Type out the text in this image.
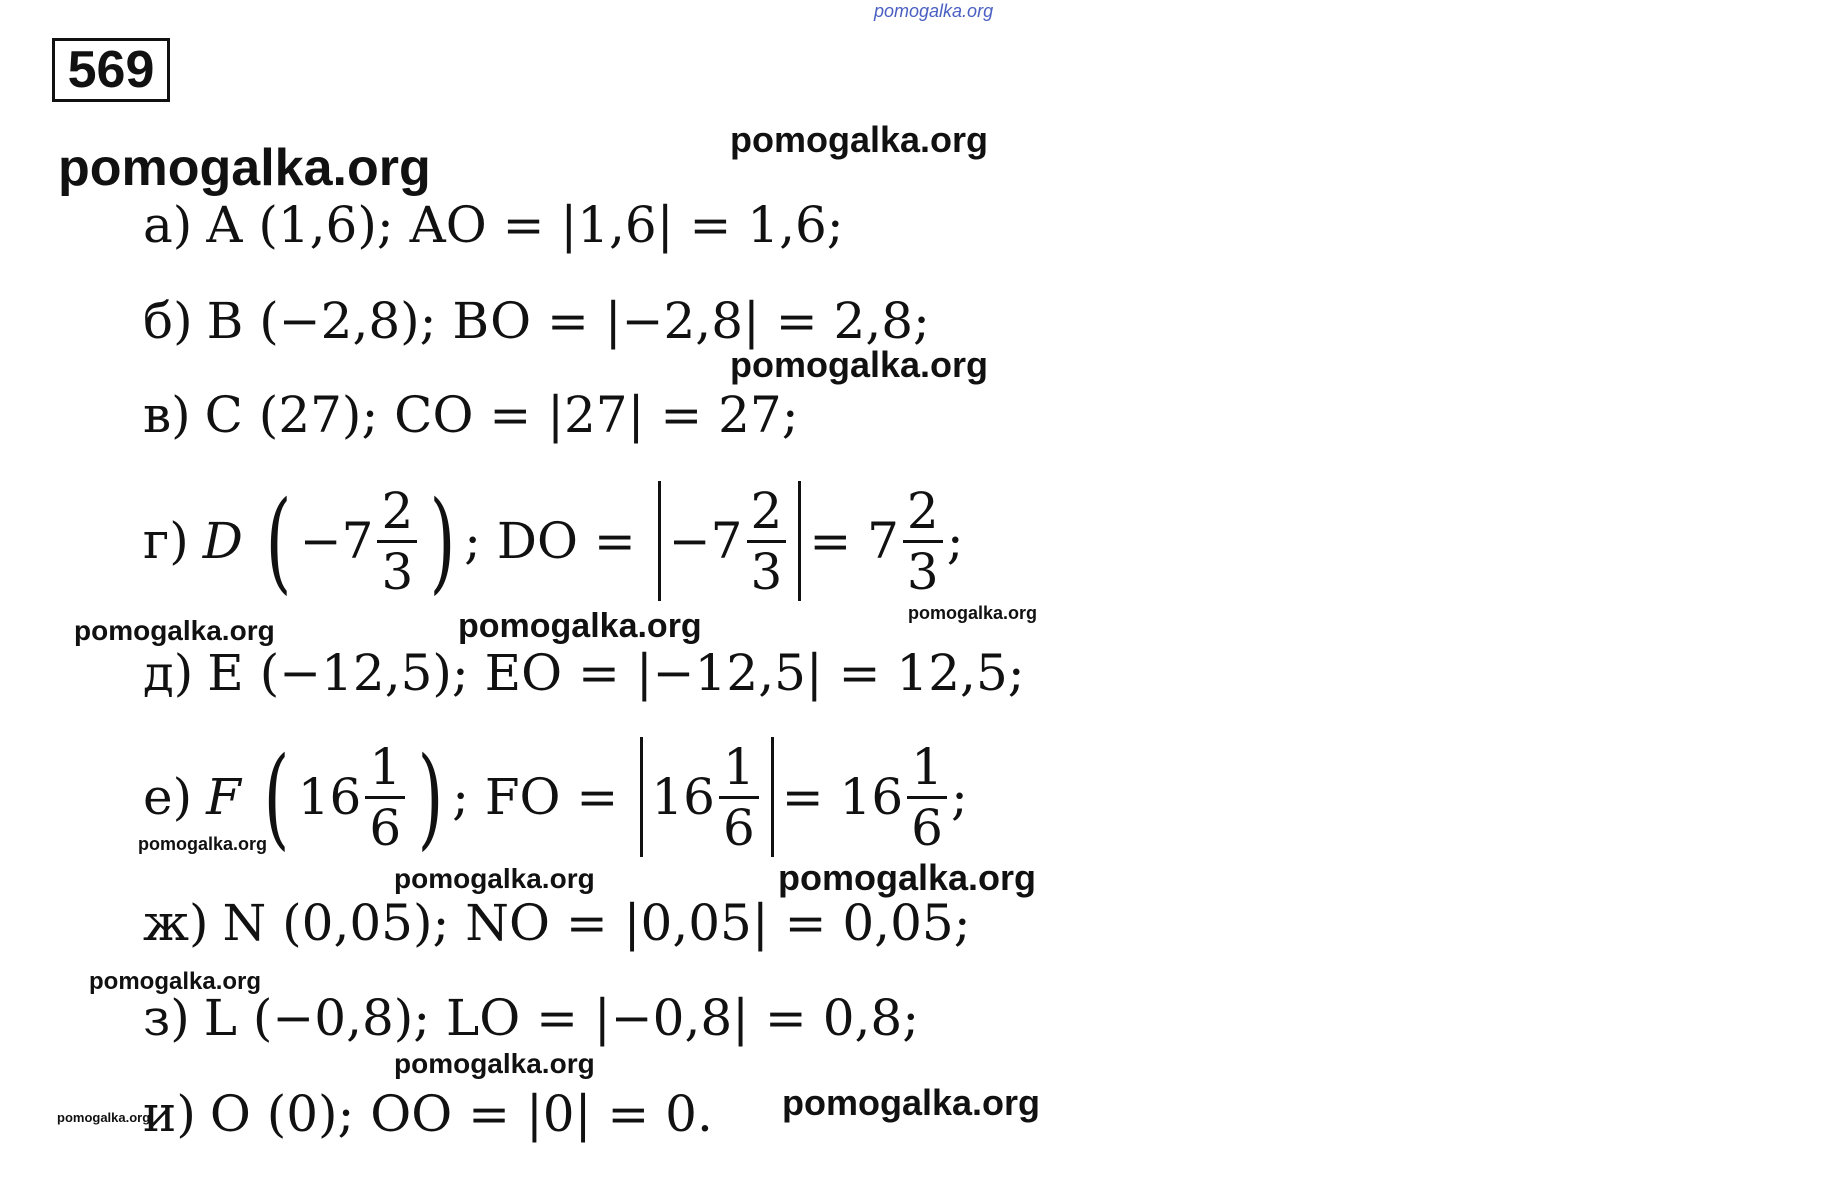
pomogalka.org
pomogalka.org	pomogalka.org
pomogalka.org
pomogalka.org	pomogalka.org	pomogalka.org
pomogalka.org
pomogalka.org	pomogalka.org
pomogalka.org
pomogalka.org
pomogalka.org	pomogalka.org
569
а) A (1,6); AO = |1,6| = 1,6;
б) B (−2,8); BO = |−2,8| = 2,8;
в) C (27); CO = |27| = 27;
г) D ( $-7 \frac{2}{3}$ ) ; DO = $-7 \frac{2}{3} = 7 \frac{2}{3}$ ;
д) E (−12,5); EO = |−12,5| = 12,5;
е) F ( $16 \frac{1}{6}$ ) ; FO = $16 \frac{1}{6} = 16 \frac{1}{6}$ ;
ж) N (0,05); NO = |0,05| = 0,05;
з) L (−0,8); LO = |−0,8| = 0,8;
и) O (0); OO = |0| = 0.
